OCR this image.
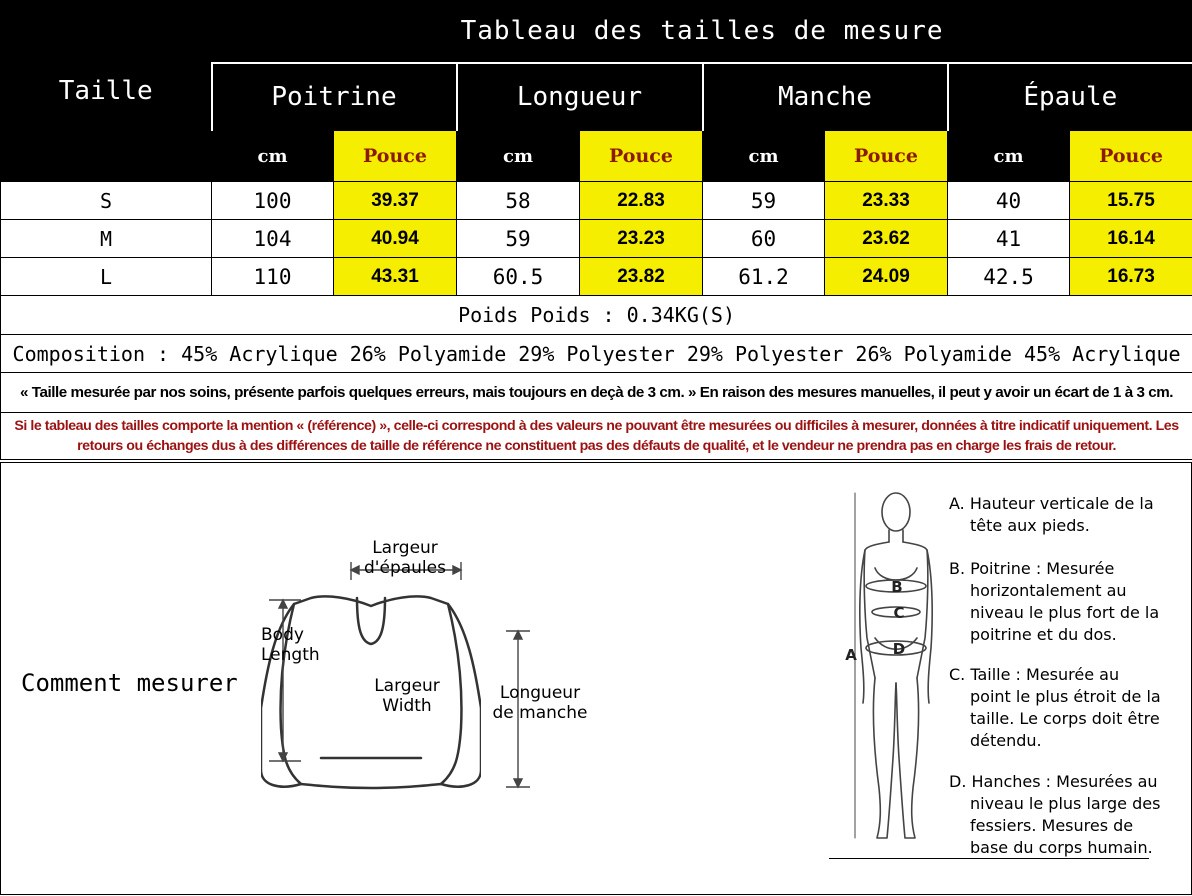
Taille	Tableau des tailles de mesure							
	Poitrine		Longueur		Manche		Épaule	
	cm	Pouce	cm	Pouce	cm	Pouce	cm	Pouce
S	100	39.37	58	22.83	59	23.33	40	15.75
M	104	40.94	59	23.23	60	23.62	41	16.14
L	110	43.31	60.5	23.82	61.2	24.09	42.5	16.73
Poids Poids : 0.34KG(S)								
Composition : 45% Acrylique 26% Polyamide 29% Polyester 29% Polyester 26% Polyamide 45% Acrylique								
« Taille mesurée par nos soins, présente parfois quelques erreurs, mais toujours en deçà de 3 cm. » En raison des mesures manuelles, il peut y avoir un écart de 1 à 3 cm.								
Si le tableau des tailles comporte la mention « (référence) », celle-ci correspond à des valeurs ne pouvant être mesurées ou difficiles à mesurer, données à titre indicatif uniquement. Les retours ou échanges dus à des différences de taille de référence ne constituent pas des défauts de qualité, et le vendeur ne prendra pas en charge les frais de retour.								
Comment mesurer
Largeur
d'épaules
Body
Length
Largeur
Width
Longueur
de manche
B
C
D
A
A. Hauteur verticale de la
tête aux pieds.
B. Poitrine : Mesurée
horizontalement au
niveau le plus fort de la
poitrine et du dos.
C. Taille : Mesurée au
point le plus étroit de la
taille. Le corps doit être
détendu.
D. Hanches : Mesurées au
niveau le plus large des
fessiers. Mesures de
base du corps humain.
